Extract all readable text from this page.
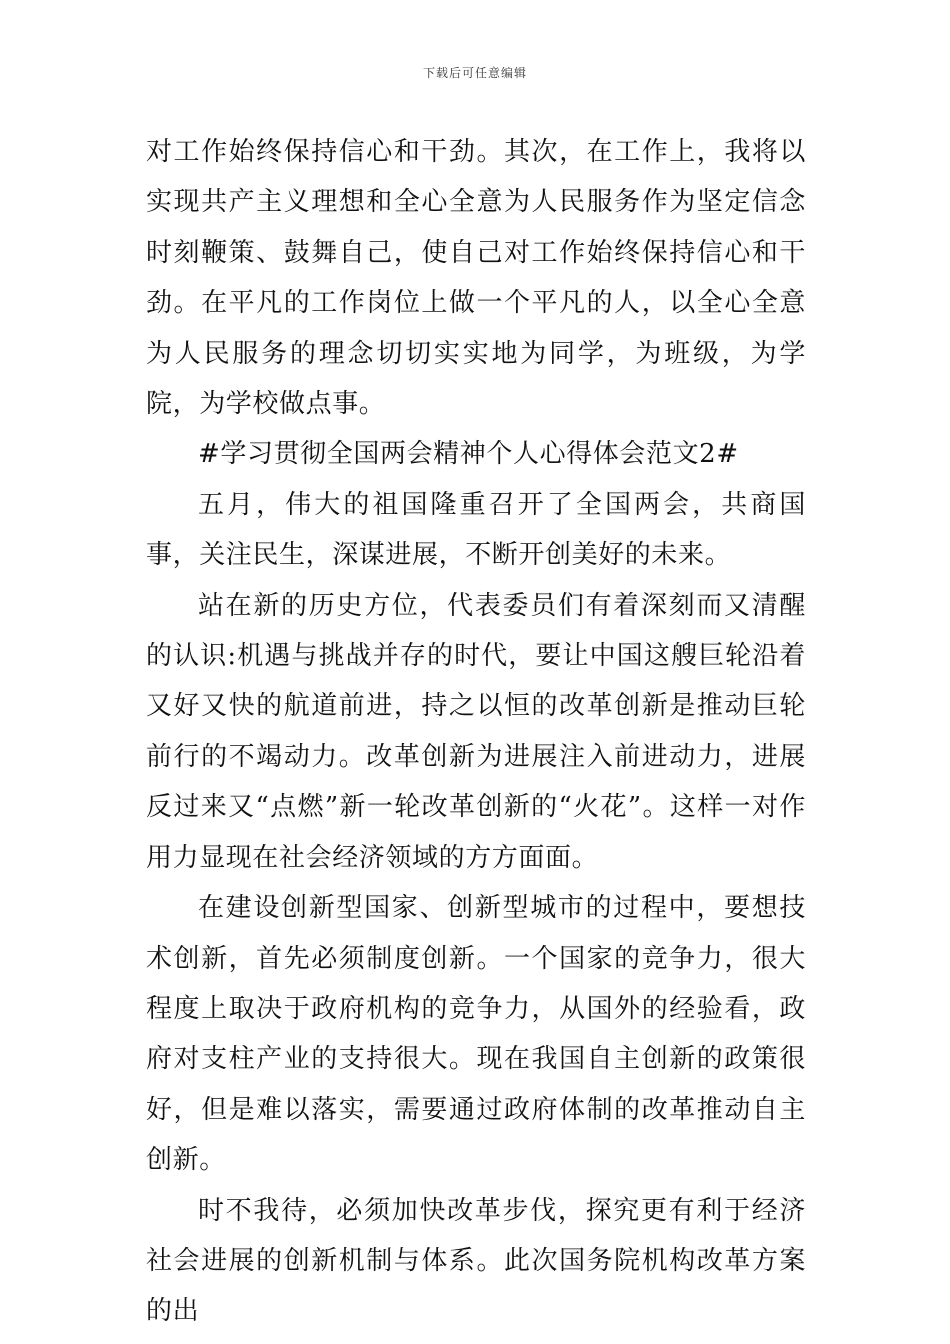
下载后可任意编辑

对工作始终保持信心和干劲。其次，在工作上，我将以实现共产主义理想和全心全意为人民服务作为坚定信念时刻鞭策、鼓舞自己，使自己对工作始终保持信心和干劲。在平凡的工作岗位上做一个平凡的人，以全心全意为人民服务的理念切切实实地为同学，为班级，为学院，为学校做点事。

#学习贯彻全国两会精神个人心得体会范文2#

五月，伟大的祖国隆重召开了全国两会，共商国事，关注民生，深谋进展，不断开创美好的未来。

站在新的历史方位，代表委员们有着深刻而又清醒的认识:机遇与挑战并存的时代，要让中国这艘巨轮沿着又好又快的航道前进，持之以恒的改革创新是推动巨轮前行的不竭动力。改革创新为进展注入前进动力，进展反过来又“点燃”新一轮改革创新的“火花”。这样一对作用力显现在社会经济领域的方方面面。

在建设创新型国家、创新型城市的过程中，要想技术创新，首先必须制度创新。一个国家的竞争力，很大程度上取决于政府机构的竞争力，从国外的经验看，政府对支柱产业的支持很大。现在我国自主创新的政策很好，但是难以落实，需要通过政府体制的改革推动自主创新。

时不我待，必须加快改革步伐，探究更有利于经济社会进展的创新机制与体系。此次国务院机构改革方案的出
